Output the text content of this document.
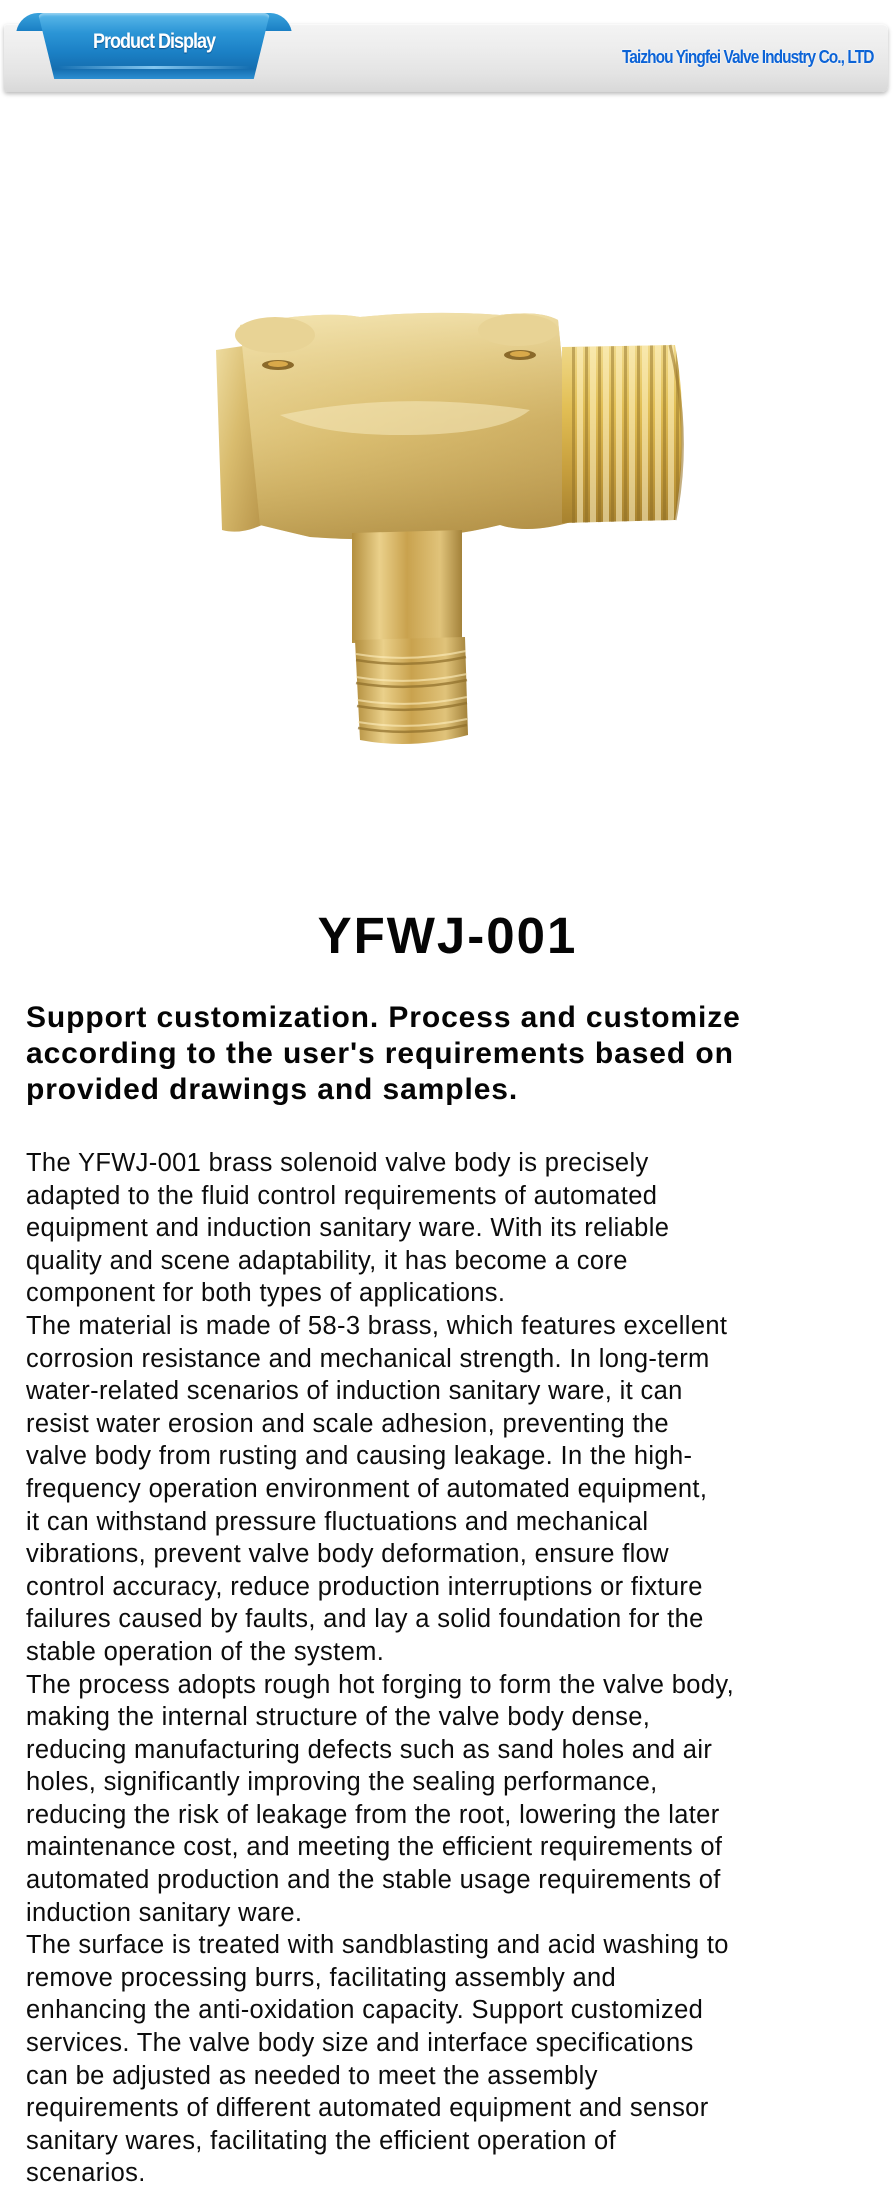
Product Display
Taizhou Yingfei Valve Industry Co., LTD
YFWJ-001
Support customization. Process and customize
according to the user's requirements based on
provided drawings and samples.
The YFWJ-001 brass solenoid valve body is precisely
adapted to the fluid control requirements of automated
equipment and induction sanitary ware. With its reliable
quality and scene adaptability, it has become a core
component for both types of applications.
The material is made of 58-3 brass, which features excellent
corrosion resistance and mechanical strength. In long-term
water-related scenarios of induction sanitary ware, it can
resist water erosion and scale adhesion, preventing the
valve body from rusting and causing leakage. In the high-
frequency operation environment of automated equipment,
it can withstand pressure fluctuations and mechanical
vibrations, prevent valve body deformation, ensure flow
control accuracy, reduce production interruptions or fixture
failures caused by faults, and lay a solid foundation for the
stable operation of the system.
The process adopts rough hot forging to form the valve body,
making the internal structure of the valve body dense,
reducing manufacturing defects such as sand holes and air
holes, significantly improving the sealing performance,
reducing the risk of leakage from the root, lowering the later
maintenance cost, and meeting the efficient requirements of
automated production and the stable usage requirements of
induction sanitary ware.
The surface is treated with sandblasting and acid washing to
remove processing burrs, facilitating assembly and
enhancing the anti-oxidation capacity. Support customized
services. The valve body size and interface specifications
can be adjusted as needed to meet the assembly
requirements of different automated equipment and sensor
sanitary wares, facilitating the efficient operation of
scenarios.
